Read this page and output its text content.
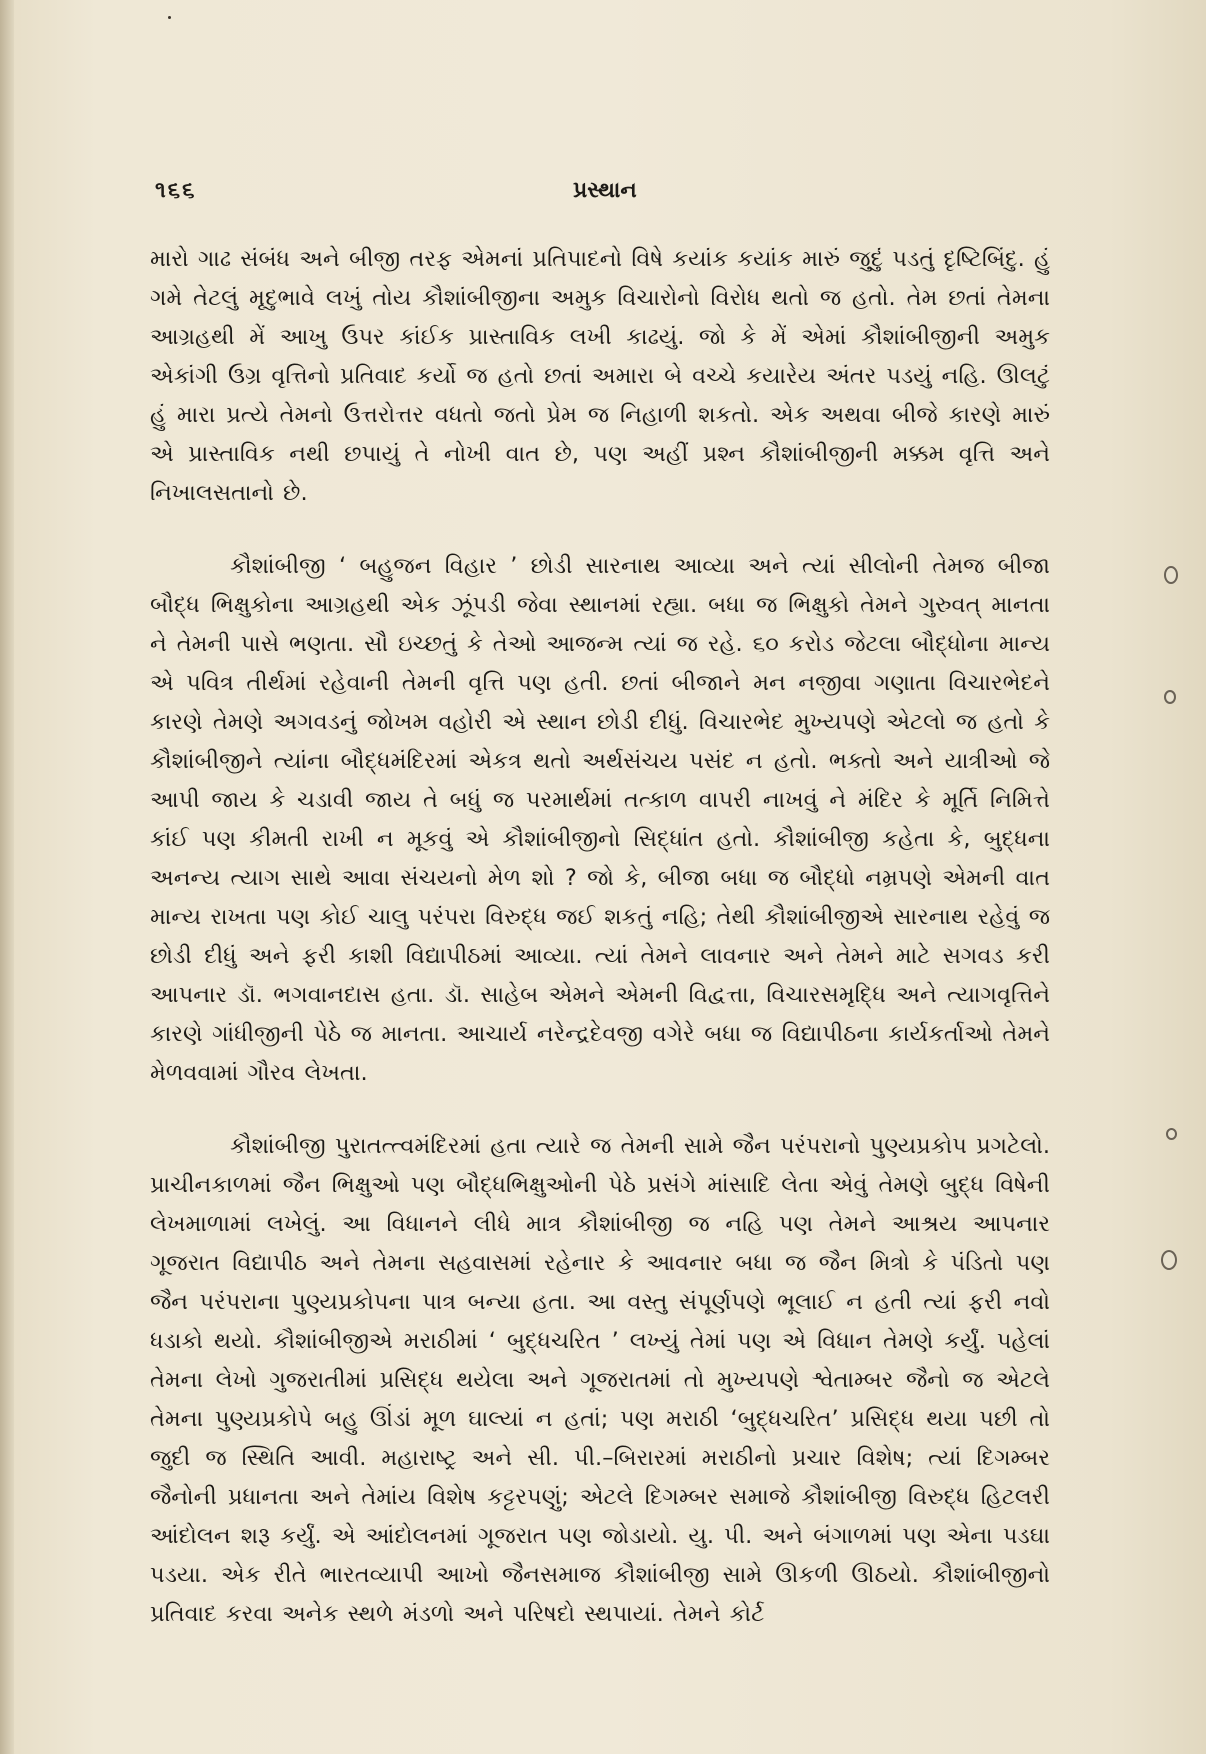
૧૬૬	પ્રસ્થાન

મારો ગાઢ સંબંધ અને બીજી તરફ એમનાં પ્રતિપાદનો વિષે કયાંક કયાંક મારું જુદું પડતું દૃષ્ટિબિંદુ. હું ગમે તેટલું મૃદુભાવે લખું તોય કૌશાંબીજીના અમુક વિચારોનો વિરોધ થતો જ હતો. તેમ છતાં તેમના આગ્રહથી મેં આખુ ઉપર કાંઈક પ્રાસ્તાવિક લખી કાઢયું. જો કે મેં એમાં કૌશાંબીજીની અમુક એકાંગી ઉગ્ર વૃત્તિનો પ્રતિવાદ કર્યો જ હતો છતાં અમારા બે વચ્ચે કયારેય અંતર પડયું નહિ. ઊલટું હું મારા પ્રત્યે તેમનો ઉત્તરોત્તર વધતો જતો પ્રેમ જ નિહાળી શકતો. એક અથવા બીજે કારણે મારું એ પ્રાસ્તાવિક નથી છપાયું તે નોખી વાત છે, પણ અહીં પ્રશ્ન કૌશાંબીજીની મક્કમ વૃત્તિ અને નિખાલસતાનો છે.

કૌશાંબીજી ‘ બહુજન વિહાર ’ છોડી સારનાથ આવ્યા અને ત્યાં સીલોની તેમજ બીજા બૌદ્ધ ભિક્ષુકોના આગ્રહથી એક ઝૂંપડી જેવા સ્થાનમાં રહ્યા. બધા જ ભિક્ષુકો તેમને ગુરુવત્ માનતા ને તેમની પાસે ભણતા. સૌ ઇચ્છતું કે તેઓ આજન્મ ત્યાં જ રહે. ૬૦ કરોડ જેટલા બૌદ્ધોના માન્ય એ પવિત્ર તીર્થમાં રહેવાની તેમની વૃત્તિ પણ હતી. છતાં બીજાને મન નજીવા ગણાતા વિચારભેદને કારણે તેમણે અગવડનું જોખમ વહોરી એ સ્થાન છોડી દીધું. વિચારભેદ મુખ્યપણે એટલો જ હતો કે કૌશાંબીજીને ત્યાંના બૌદ્ધમંદિરમાં એકત્ર થતો અર્થસંચય પસંદ ન હતો. ભક્તો અને યાત્રીઓ જે આપી જાય કે ચડાવી જાય તે બધું જ પરમાર્થમાં તત્કાળ વાપરી નાખવું ને મંદિર કે મૂર્તિ નિમિત્તે કાંઈ પણ કીમતી રાખી ન મૂકવું એ કૌશાંબીજીનો સિદ્ધાંત હતો. કૌશાંબીજી કહેતા કે, બુદ્ધના અનન્ય ત્યાગ સાથે આવા સંચયનો મેળ શો ? જો કે, બીજા બધા જ બૌદ્ધો નમ્રપણે એમની વાત માન્ય રાખતા પણ કોઈ ચાલુ પરંપરા વિરુદ્ધ જઈ શકતું નહિ; તેથી કૌશાંબીજીએ સારનાથ રહેવું જ છોડી દીધું અને ફરી કાશી વિદ્યાપીઠમાં આવ્યા. ત્યાં તેમને લાવનાર અને તેમને માટે સગવડ કરી આપનાર ડૉ. ભગવાનદાસ હતા. ડૉ. સાહેબ એમને એમની વિદ્વત્તા, વિચારસમૃદ્ધિ અને ત્યાગવૃત્તિને કારણે ગાંધીજીની પેઠે જ માનતા. આચાર્ય નરેન્દ્રદેવજી વગેરે બધા જ વિદ્યાપીઠના કાર્યકર્તાઓ તેમને મેળવવામાં ગૌરવ લેખતા.

કૌશાંબીજી પુરાતત્ત્વમંદિરમાં હતા ત્યારે જ તેમની સામે જૈન પરંપરાનો પુણ્યપ્રકોપ પ્રગટેલો. પ્રાચીનકાળમાં જૈન ભિક્ષુઓ પણ બૌદ્ધભિક્ષુઓની પેઠે પ્રસંગે માંસાદિ લેતા એવું તેમણે બુદ્ધ વિષેની લેખમાળામાં લખેલું. આ વિધાનને લીધે માત્ર કૌશાંબીજી જ નહિ પણ તેમને આશ્રય આપનાર ગૂજરાત વિદ્યાપીઠ અને તેમના સહવાસમાં રહેનાર કે આવનાર બધા જ જૈન મિત્રો કે પંડિતો પણ જૈન પરંપરાના પુણ્યપ્રકોપના પાત્ર બન્યા હતા. આ વસ્તુ સંપૂર્ણપણે ભૂલાઈ ન હતી ત્યાં ફરી નવો ધડાકો થયો. કૌશાંબીજીએ મરાઠીમાં ‘ બુદ્ધચરિત ’ લખ્યું તેમાં પણ એ વિધાન તેમણે કર્યું. પહેલાં તેમના લેખો ગુજરાતીમાં પ્રસિદ્ધ થયેલા અને ગૂજરાતમાં તો મુખ્યપણે શ્વેતામ્બર જૈનો જ એટલે તેમના પુણ્યપ્રકોપે બહુ ઊંડાં મૂળ ઘાલ્યાં ન હતાં; પણ મરાઠી ‘બુદ્ધચરિત’ પ્રસિદ્ધ થયા પછી તો જુદી જ સ્થિતિ આવી. મહારાષ્ટ્ર અને સી. પી.–બિરારમાં મરાઠીનો પ્રચાર વિશેષ; ત્યાં દિગમ્બર જૈનોની પ્રધાનતા અને તેમાંય વિશેષ કટ્ટરપણું; એટલે દિગમ્બર સમાજે કૌશાંબીજી વિરુદ્ધ હિટલરી આંદોલન શરૂ કર્યું. એ આંદોલનમાં ગૂજરાત પણ જોડાયો. યુ. પી. અને બંગાળમાં પણ એના પડઘા પડયા. એક રીતે ભારતવ્યાપી આખો જૈનસમાજ કૌશાંબીજી સામે ઊકળી ઊઠયો. કૌશાંબીજીનો પ્રતિવાદ કરવા અનેક સ્થળે મંડળો અને પરિષદો સ્થપાયાં. તેમને કોર્ટ
